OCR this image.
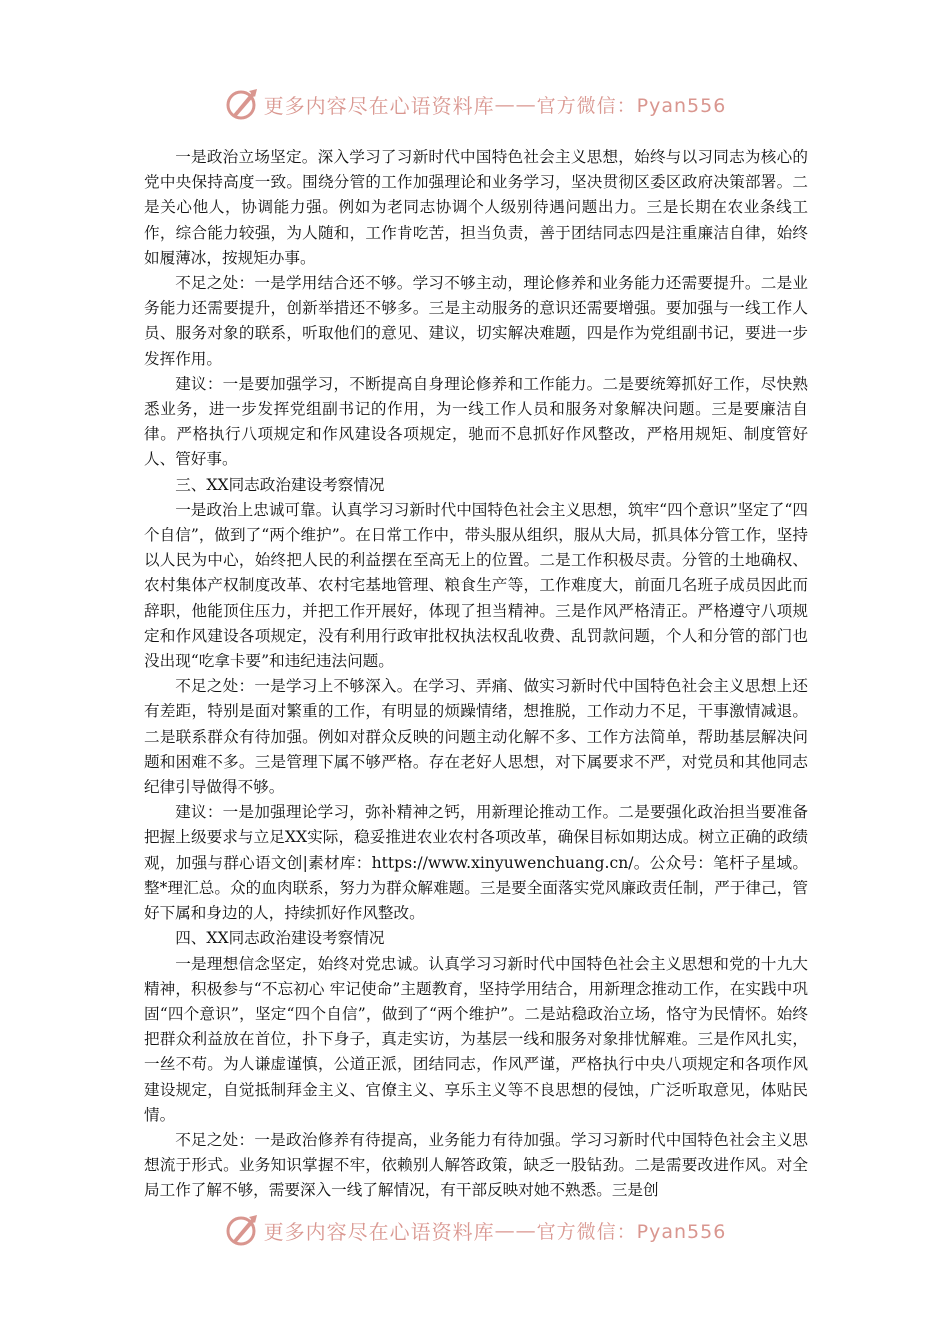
更多内容尽在心语资料库 —— 官方微信：Pyan556

一是政治立场坚定。深入学习了习新时代中国特色社会主义思想，始终与以习同志为核心的党中央保持高度一致。围绕分管的工作加强理论和业务学习，坚决贯彻区委区政府决策部署。二是关心他人，协调能力强。例如为老同志协调个人级别待遇问题出力。三是长期在农业条线工作，综合能力较强，为人随和，工作肯吃苦，担当负责，善于团结同志四是注重廉洁自律，始终如履薄冰，按规矩办事。

不足之处：一是学用结合还不够。学习不够主动，理论修养和业务能力还需要提升。二是业务能力还需要提升，创新举措还不够多。三是主动服务的意识还需要增强。要加强与一线工作人员、服务对象的联系，听取他们的意见、建议，切实解决难题，四是作为党组副书记，要进一步发挥作用。

建议：一是要加强学习，不断提高自身理论修养和工作能力。二是要统筹抓好工作，尽快熟悉业务，进一步发挥党组副书记的作用，为一线工作人员和服务对象解决问题。三是要廉洁自律。严格执行八项规定和作风建设各项规定，驰而不息抓好作风整改，严格用规矩、制度管好人、管好事。

三、XX同志政治建设考察情况

一是政治上忠诚可靠。认真学习习新时代中国特色社会主义思想，筑牢“四个意识”坚定了“四个自信”，做到了“两个维护”。在日常工作中，带头服从组织，服从大局，抓具体分管工作，坚持以人民为中心，始终把人民的利益摆在至高无上的位置。二是工作积极尽责。分管的土地确权、农村集体产权制度改革、农村宅基地管理、粮食生产等，工作难度大，前面几名班子成员因此而辞职，他能顶住压力，并把工作开展好，体现了担当精神。三是作风严格清正。严格遵守八项规定和作风建设各项规定，没有利用行政审批权执法权乱收费、乱罚款问题，个人和分管的部门也没出现“吃拿卡要”和违纪违法问题。

不足之处：一是学习上不够深入。在学习、弄痛、做实习新时代中国特色社会主义思想上还有差距，特别是面对繁重的工作，有明显的烦躁情绪，想推脱，工作动力不足，干事激情减退。二是联系群众有待加强。例如对群众反映的问题主动化解不多、工作方法简单，帮助基层解决问题和困难不多。三是管理下属不够严格。存在老好人思想，对下属要求不严，对党员和其他同志纪律引导做得不够。

建议：一是加强理论学习，弥补精神之钙，用新理论推动工作。二是要强化政治担当要准备把握上级要求与立足XX实际，稳妥推进农业农村各项改革，确保目标如期达成。树立正确的政绩观，加强与群心语文创|素材库：https://www.xinyuwenchuang.cn/。公众号：笔杆子星域。整*理汇总。众的血肉联系，努力为群众解难题。三是要全面落实党风廉政责任制，严于律己，管好下属和身边的人，持续抓好作风整改。

四、XX同志政治建设考察情况

一是理想信念坚定，始终对党忠诚。认真学习习新时代中国特色社会主义思想和党的十九大精神，积极参与“不忘初心 牢记使命”主题教育，坚持学用结合，用新理念推动工作，在实践中巩固“四个意识”，坚定“四个自信”，做到了“两个维护”。二是站稳政治立场，恪守为民情怀。始终把群众利益放在首位，扑下身子，真走实访，为基层一线和服务对象排忧解难。三是作风扎实，一丝不苟。为人谦虚谨慎，公道正派，团结同志，作风严谨，严格执行中央八项规定和各项作风建设规定，自觉抵制拜金主义、官僚主义、享乐主义等不良思想的侵蚀，广泛听取意见，体贴民情。

不足之处：一是政治修养有待提高，业务能力有待加强。学习习新时代中国特色社会主义思想流于形式。业务知识掌握不牢，依赖别人解答政策，缺乏一股钻劲。二是需要改进作风。对全局工作了解不够，需要深入一线了解情况，有干部反映对她不熟悉。三是创

更多内容尽在心语资料库 —— 官方微信：Pyan556
